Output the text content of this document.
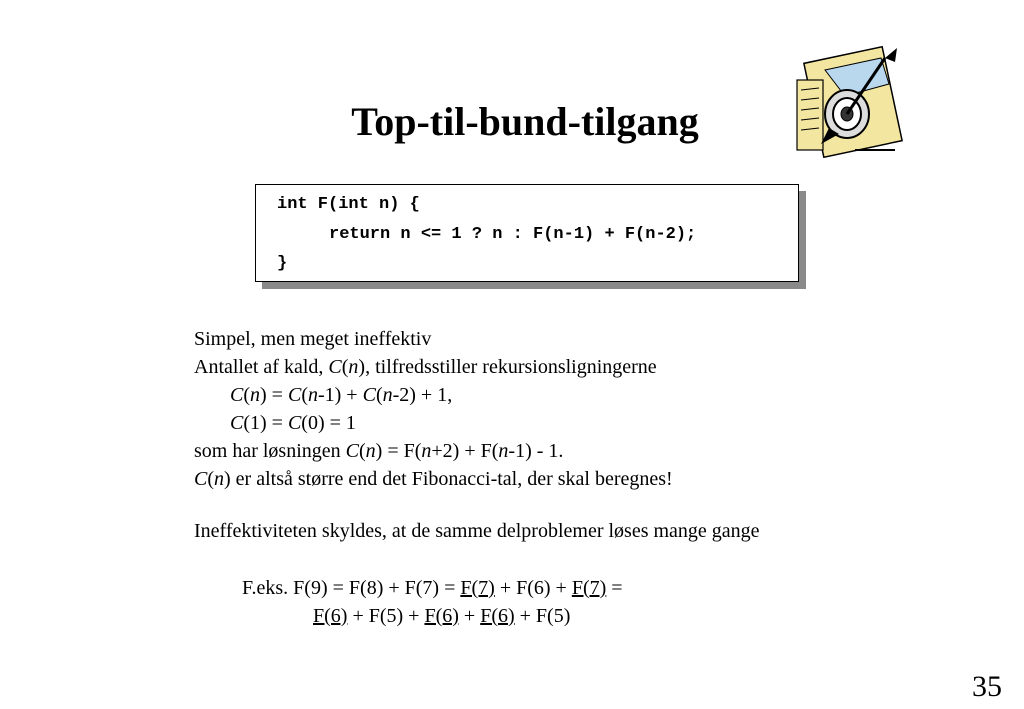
Top-til-bund-tilgang
int F(int n) {
return n <= 1 ? n : F(n-1) + F(n-2);
}
Simpel, men meget ineffektiv
Antallet af kald, C(n), tilfredsstiller rekursionsligningerne
C(n) = C(n-1) + C(n-2) + 1,
C(1) = C(0) = 1
som har løsningen C(n) = F(n+2) + F(n-1) - 1.
C(n) er altså større end det Fibonacci-tal, der skal beregnes!
Ineffektiviteten skyldes, at de samme delproblemer løses mange gange
F.eks. F(9) = F(8) + F(7) = F(7) + F(6) + F(7) =
F(6) + F(5) + F(6) + F(6) + F(5)
35
